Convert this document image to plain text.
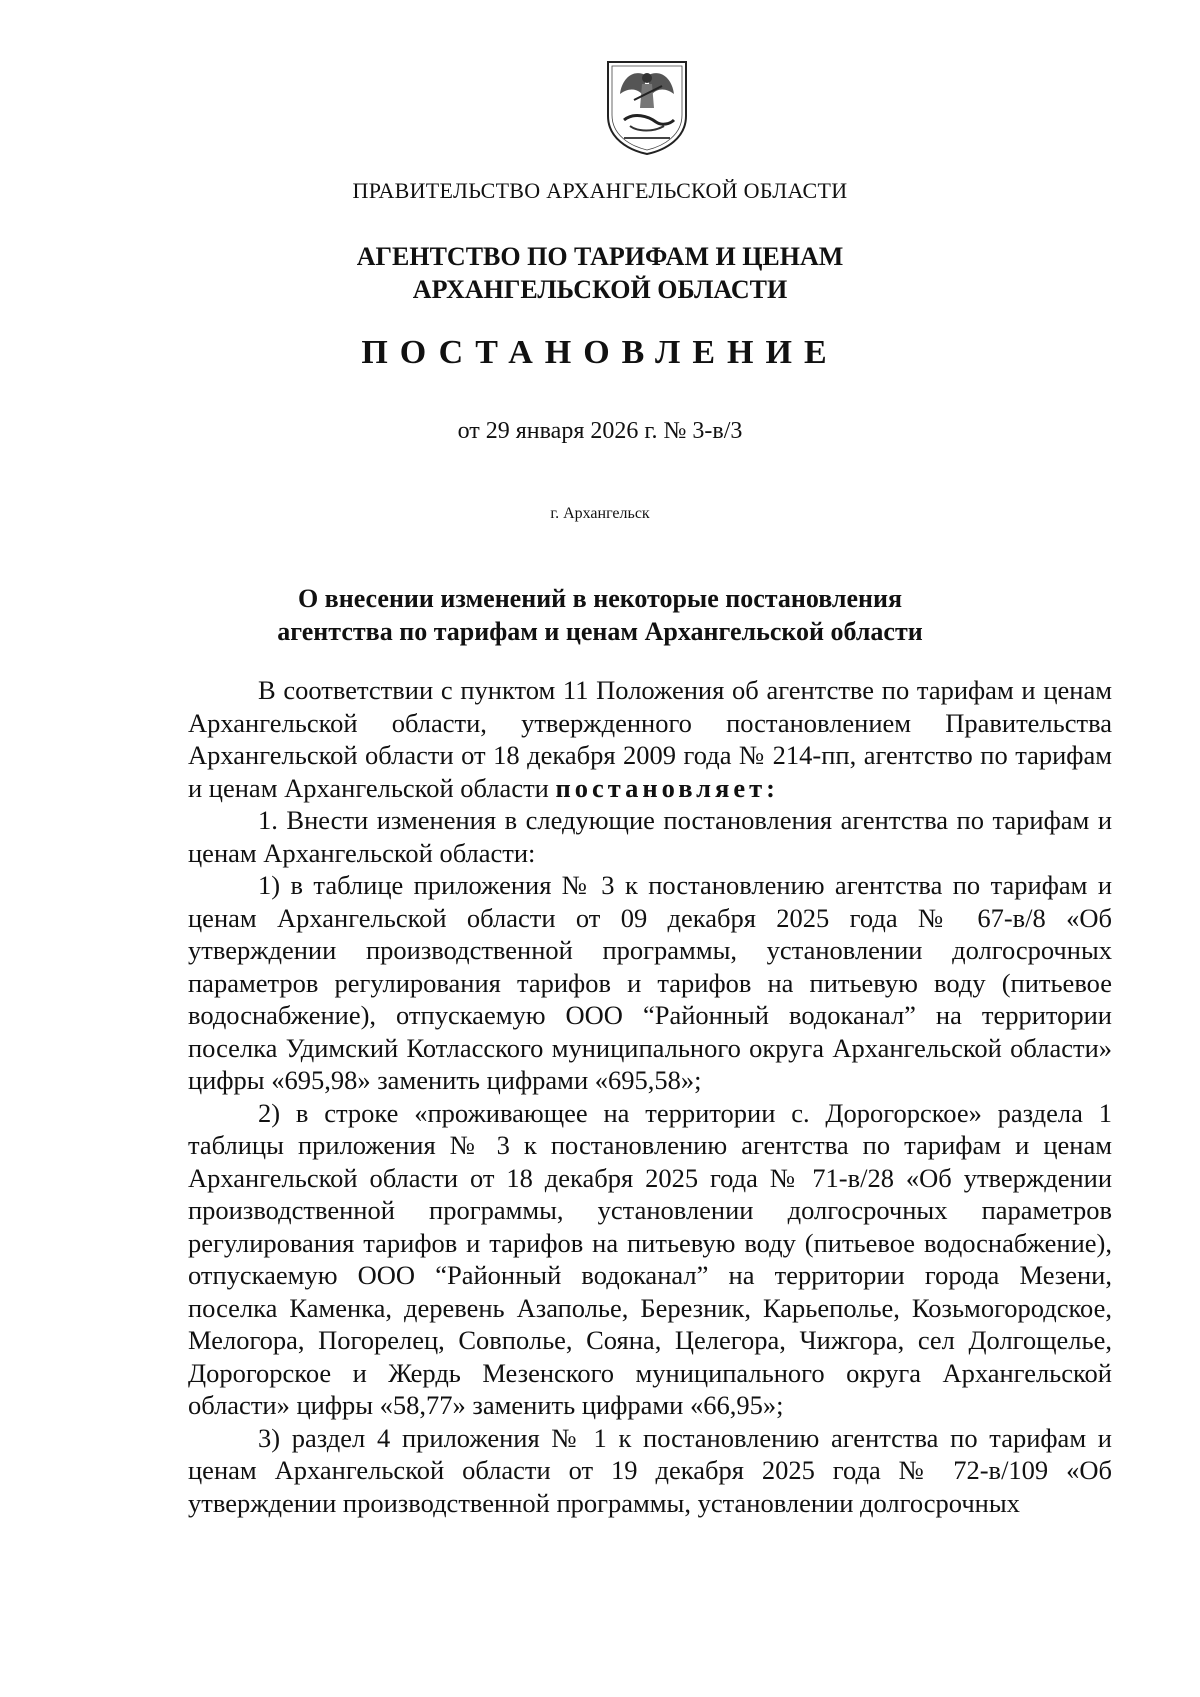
ПРАВИТЕЛЬСТВО АРХАНГЕЛЬСКОЙ ОБЛАСТИ
АГЕНТСТВО ПО ТАРИФАМ И ЦЕНАМ
АРХАНГЕЛЬСКОЙ ОБЛАСТИ
ПОСТАНОВЛЕНИЕ
от 29 января 2026 г. № 3-в/3
г. Архангельск
О внесении изменений в некоторые постановления
агентства по тарифам и ценам Архангельской области

В соответствии с пунктом 11 Положения об агентстве по тарифам и ценам Архангельской области, утвержденного постановлением Правительства Архангельской области от 18 декабря 2009 года № 214-пп, агентство по тарифам и ценам Архангельской области постановляет:

1. Внести изменения в следующие постановления агентства по тарифам и ценам Архангельской области:

1) в таблице приложения № 3 к постановлению агентства по тарифам и ценам Архангельской области от 09 декабря 2025 года № 67-в/8 «Об утверждении производственной программы, установлении долгосрочных параметров регулирования тарифов и тарифов на питьевую воду (питьевое водоснабжение), отпускаемую ООО “Районный водоканал” на территории поселка Удимский Котласского муниципального округа Архангельской области» цифры «695,98» заменить цифрами «695,58»;

2) в строке «проживающее на территории с. Дорогорское» раздела 1 таблицы приложения № 3 к постановлению агентства по тарифам и ценам Архангельской области от 18 декабря 2025 года № 71-в/28 «Об утверждении производственной программы, установлении долгосрочных параметров регулирования тарифов и тарифов на питьевую воду (питьевое водоснабжение), отпускаемую ООО “Районный водоканал” на территории города Мезени, поселка Каменка, деревень Азаполье, Березник, Карьеполье, Козьмогородское, Мелогора, Погорелец, Совполье, Сояна, Целегора, Чижгора, сел Долгощелье, Дорогорское и Жердь Мезенского муниципального округа Архангельской области» цифры «58,77» заменить цифрами «66,95»;

3) раздел 4 приложения № 1 к постановлению агентства по тарифам и ценам Архангельской области от 19 декабря 2025 года № 72-в/109 «Об утверждении производственной программы, установлении долгосрочных
